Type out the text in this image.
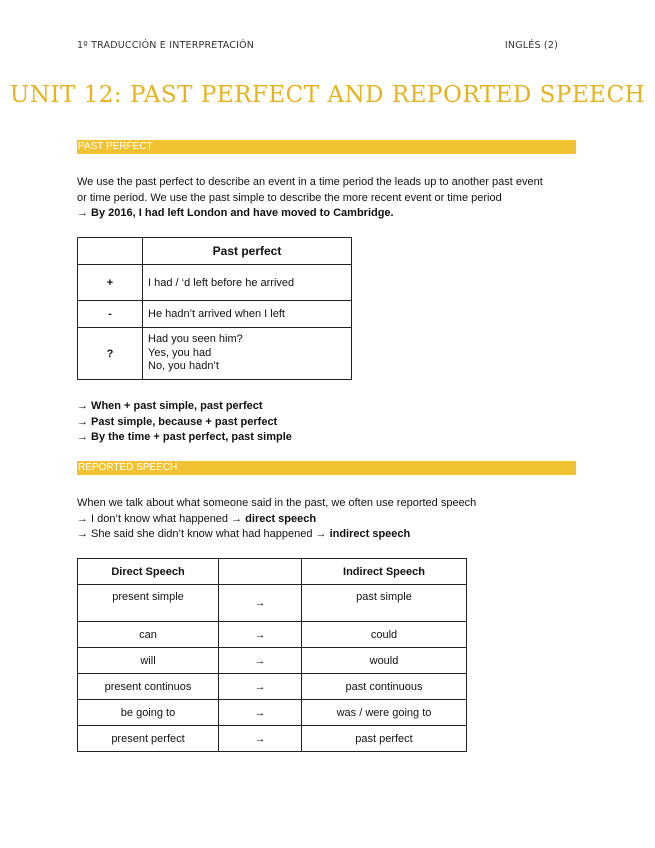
1º TRADUCCIÓN E INTERPRETACIÓN	INGLÉS (2)
UNIT 12: PAST PERFECT AND REPORTED SPEECH
PAST PERFECT
We use the past perfect to describe an event in a time period the leads up to another past event
or time period. We use the past simple to describe the more recent event or time period
→ By 2016, I had left London and have moved to Cambridge.
	Past perfect
+	I had / ‘d left before he arrived
-	He hadn’t arrived when I left
?	Had you seen him?
Yes, you had
No, you hadn’t
→ When + past simple, past perfect
→ Past simple, because + past perfect
→ By the time + past perfect, past simple
REPORTED SPEECH
When we talk about what someone said in the past, we often use reported speech
→ I don’t know what happened → direct speech
→ She said she didn’t know what had happened → indirect speech
Direct Speech		Indirect Speech
present simple	→	past simple
can	→	could
will	→	would
present continuos	→	past continuous
be going to	→	was / were going to
present perfect	→	past perfect
